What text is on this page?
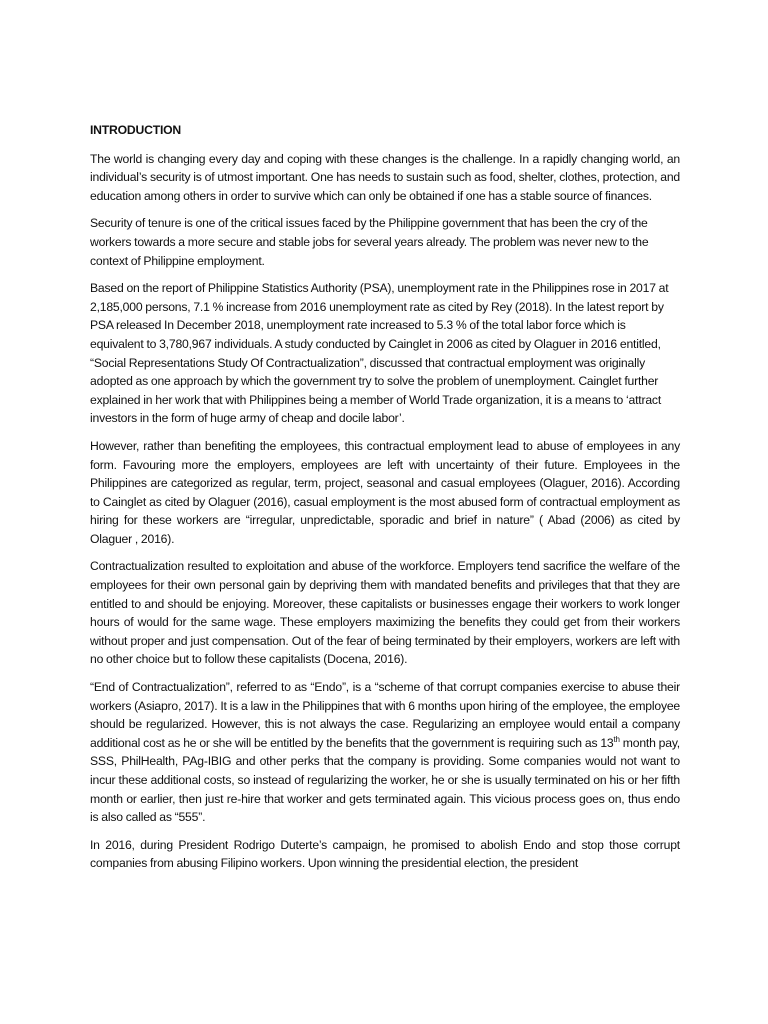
INTRODUCTION

The world is changing every day and coping with these changes is the challenge. In a rapidly changing world, an individual’s security is of utmost important. One has needs to sustain such as food, shelter, clothes, protection, and education among others in order to survive which can only be obtained if one has a stable source of finances.

Security of tenure is one of the critical issues faced by the Philippine government that has been the cry of the workers towards a more secure and stable jobs for several years already. The problem was never new to the context of Philippine employment.

Based on the report of Philippine Statistics Authority (PSA), unemployment rate in the Philippines rose in 2017 at 2,185,000 persons, 7.1 % increase from 2016 unemployment rate as cited by Rey (2018). In the latest report by PSA released In December 2018, unemployment rate increased to 5.3 % of the total labor force which is equivalent to 3,780,967 individuals. A study conducted by Cainglet in 2006 as cited by Olaguer in 2016 entitled, “Social Representations Study Of Contractualization”, discussed that contractual employment was originally adopted as one approach by which the government try to solve the problem of unemployment. Cainglet further explained in her work that with Philippines being a member of World Trade organization, it is a means to ‘attract investors in the form of huge army of cheap and docile labor’.

However, rather than benefiting the employees, this contractual employment lead to abuse of employees in any form. Favouring more the employers, employees are left with uncertainty of their future. Employees in the Philippines are categorized as regular, term, project, seasonal and casual employees (Olaguer, 2016). According to Cainglet as cited by Olaguer (2016), casual employment is the most abused form of contractual employment as hiring for these workers are “irregular, unpredictable, sporadic and brief in nature” ( Abad (2006) as cited by Olaguer , 2016).

Contractualization resulted to exploitation and abuse of the workforce. Employers tend sacrifice the welfare of the employees for their own personal gain by depriving them with mandated benefits and privileges that that they are entitled to and should be enjoying. Moreover, these capitalists or businesses engage their workers to work longer hours of would for the same wage. These employers maximizing the benefits they could get from their workers without proper and just compensation. Out of the fear of being terminated by their employers, workers are left with no other choice but to follow these capitalists (Docena, 2016).

“End of Contractualization”, referred to as “Endo”, is a “scheme of that corrupt companies exercise to abuse their workers (Asiapro, 2017). It is a law in the Philippines that with 6 months upon hiring of the employee, the employee should be regularized. However, this is not always the case. Regularizing an employee would entail a company additional cost as he or she will be entitled by the benefits that the government is requiring such as 13th month pay, SSS, PhilHealth, PAg-IBIG and other perks that the company is providing. Some companies would not want to incur these additional costs, so instead of regularizing the worker, he or she is usually terminated on his or her fifth month or earlier, then just re-hire that worker and gets terminated again. This vicious process goes on, thus endo is also called as “555”.

In 2016, during President Rodrigo Duterte’s campaign, he promised to abolish Endo and stop those corrupt companies from abusing Filipino workers. Upon winning the presidential election, the president
